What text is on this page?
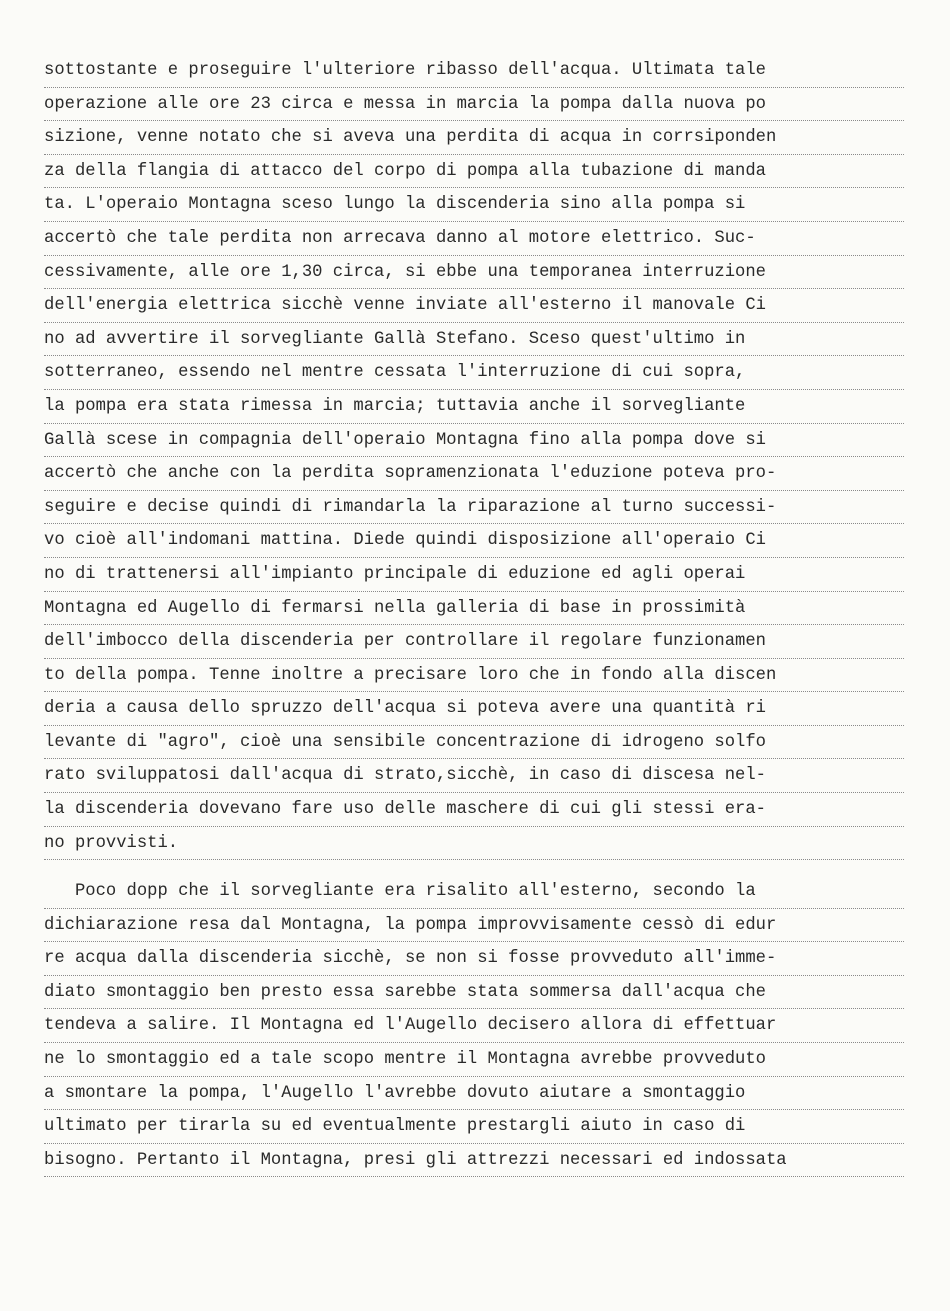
sottostante e proseguire l'ulteriore ribasso dell'acqua. Ultimata tale
operazione alle ore 23 circa e messa in marcia la pompa dalla nuova po
sizione, venne notato che si aveva una perdita di acqua in corrsiponden
za della flangia di attacco del corpo di pompa alla tubazione di manda
ta. L'operaio Montagna sceso lungo la discenderia sino alla pompa si
accertò che tale perdita non arrecava danno al motore elettrico. Suc-
cessivamente, alle ore 1,30 circa, si ebbe una temporanea interruzione
dell'energia elettrica sicchè venne inviate all'esterno il manovale Ci
no ad avvertire il sorvegliante Gallà Stefano. Sceso quest'ultimo in
sotterraneo, essendo nel mentre cessata l'interruzione di cui sopra,
la pompa era stata rimessa in marcia; tuttavia anche il sorvegliante
Gallà scese in compagnia dell'operaio Montagna fino alla pompa dove si
accertò che anche con la perdita sopramenzionata l'eduzione poteva pro-
seguire e decise quindi di rimandarla la riparazione al turno successi-
vo cioè all'indomani mattina. Diede quindi disposizione all'operaio Ci
no di trattenersi all'impianto principale di eduzione ed agli operai
Montagna ed Augello di fermarsi nella galleria di base in prossimità
dell'imbocco della discenderia per controllare il regolare funzionamen
to della pompa. Tenne inoltre a precisare loro che in fondo alla discen
deria a causa dello spruzzo dell'acqua si poteva avere una quantità ri
levante di "agro", cioè una sensibile concentrazione di idrogeno solfo
rato sviluppatosi dall'acqua di strato,sicchè, in caso di discesa nel-
la discenderia dovevano fare uso delle maschere di cui gli stessi era-
no provvisti.
Poco dopp che il sorvegliante era risalito all'esterno, secondo la
dichiarazione resa dal Montagna, la pompa improvvisamente cessò di edur
re acqua dalla discenderia sicchè, se non si fosse provveduto all'imme-
diato smontaggio ben presto essa sarebbe stata sommersa dall'acqua che
tendeva a salire. Il Montagna ed l'Augello decisero allora di effettuar
ne lo smontaggio ed a tale scopo mentre il Montagna avrebbe provveduto
a smontare la pompa, l'Augello l'avrebbe dovuto aiutare a smontaggio
ultimato per tirarla su ed eventualmente prestargli aiuto in caso di
bisogno. Pertanto il Montagna, presi gli attrezzi necessari ed indossata
